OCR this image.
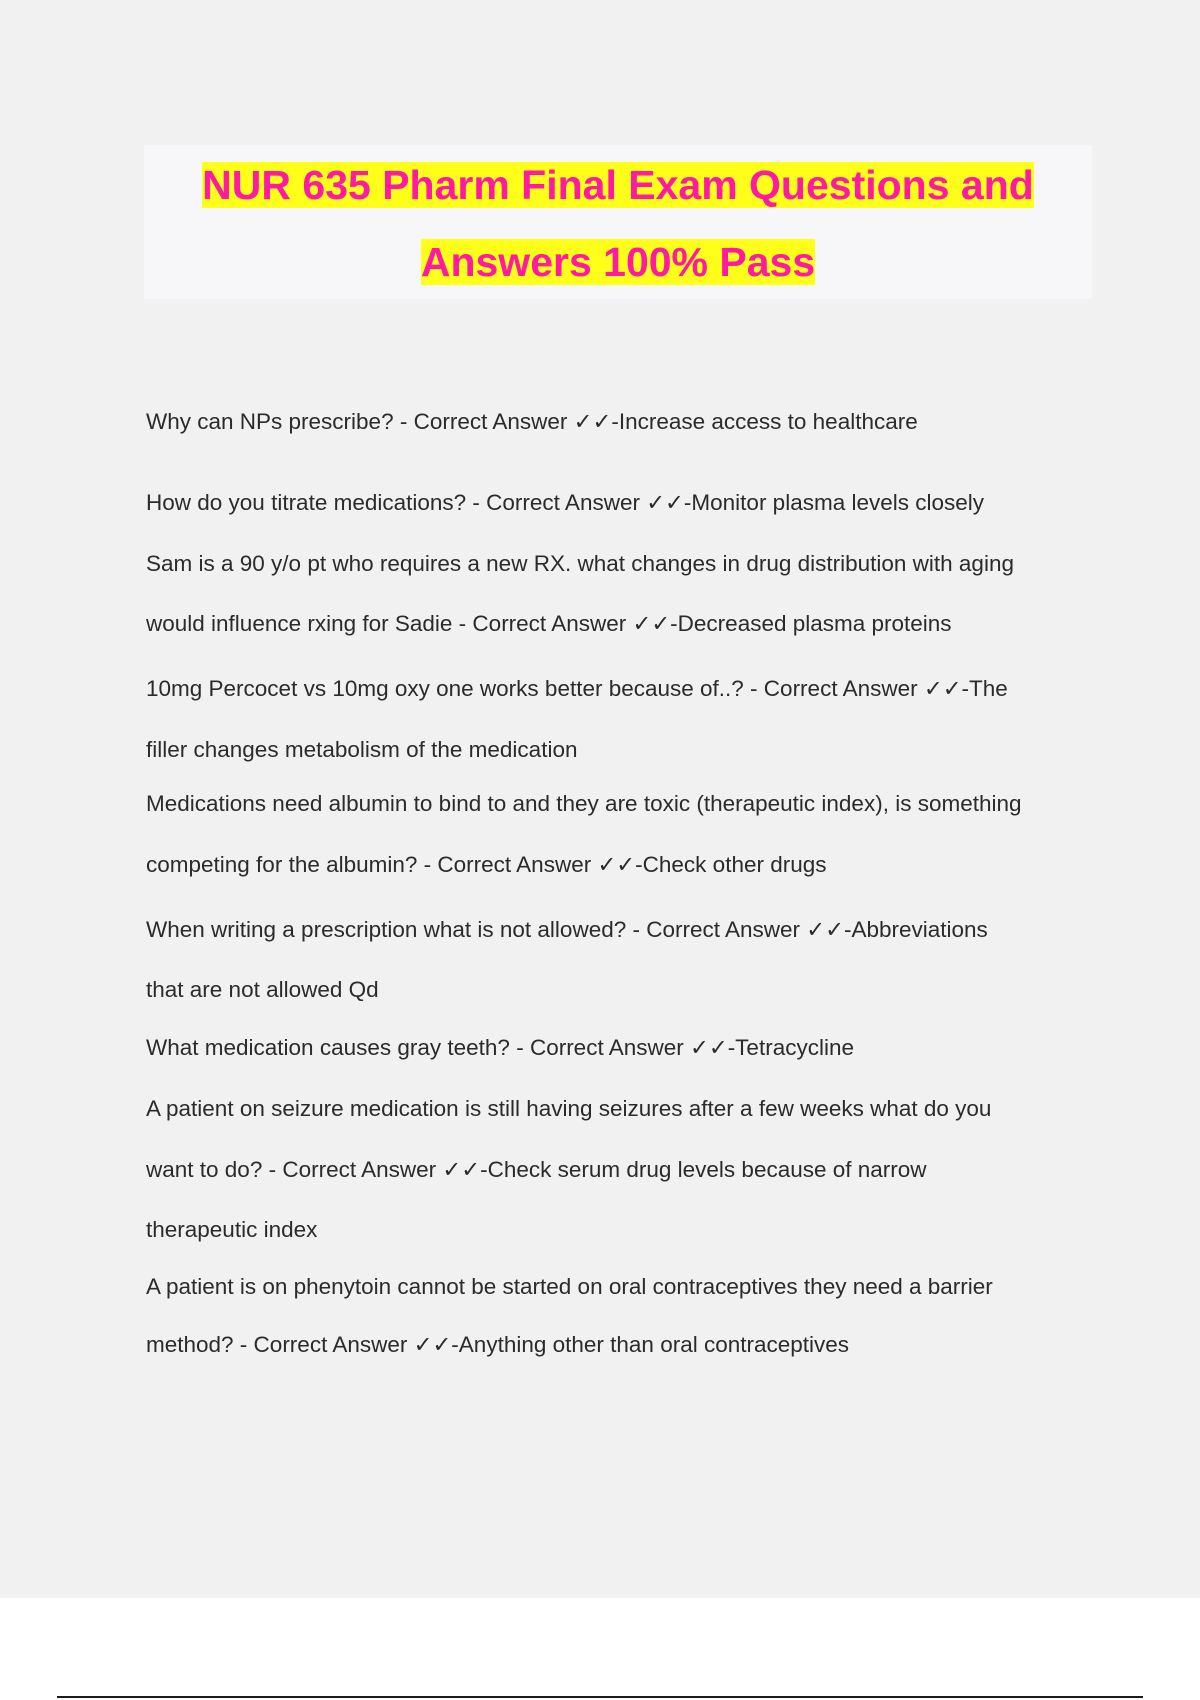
NUR 635 Pharm Final Exam Questions and
Answers 100% Pass

Why can NPs prescribe? - Correct Answer ✓✓-Increase access to healthcare

How do you titrate medications? - Correct Answer ✓✓-Monitor plasma levels closely

Sam is a 90 y/o pt who requires a new RX. what changes in drug distribution with aging

would influence rxing for Sadie - Correct Answer ✓✓-Decreased plasma proteins

10mg Percocet vs 10mg oxy one works better because of..? - Correct Answer ✓✓-The

filler changes metabolism of the medication

Medications need albumin to bind to and they are toxic (therapeutic index), is something

competing for the albumin? - Correct Answer ✓✓-Check other drugs

When writing a prescription what is not allowed? - Correct Answer ✓✓-Abbreviations

that are not allowed Qd

What medication causes gray teeth? - Correct Answer ✓✓-Tetracycline

A patient on seizure medication is still having seizures after a few weeks what do you

want to do? - Correct Answer ✓✓-Check serum drug levels because of narrow

therapeutic index

A patient is on phenytoin cannot be started on oral contraceptives they need a barrier

method? - Correct Answer ✓✓-Anything other than oral contraceptives
